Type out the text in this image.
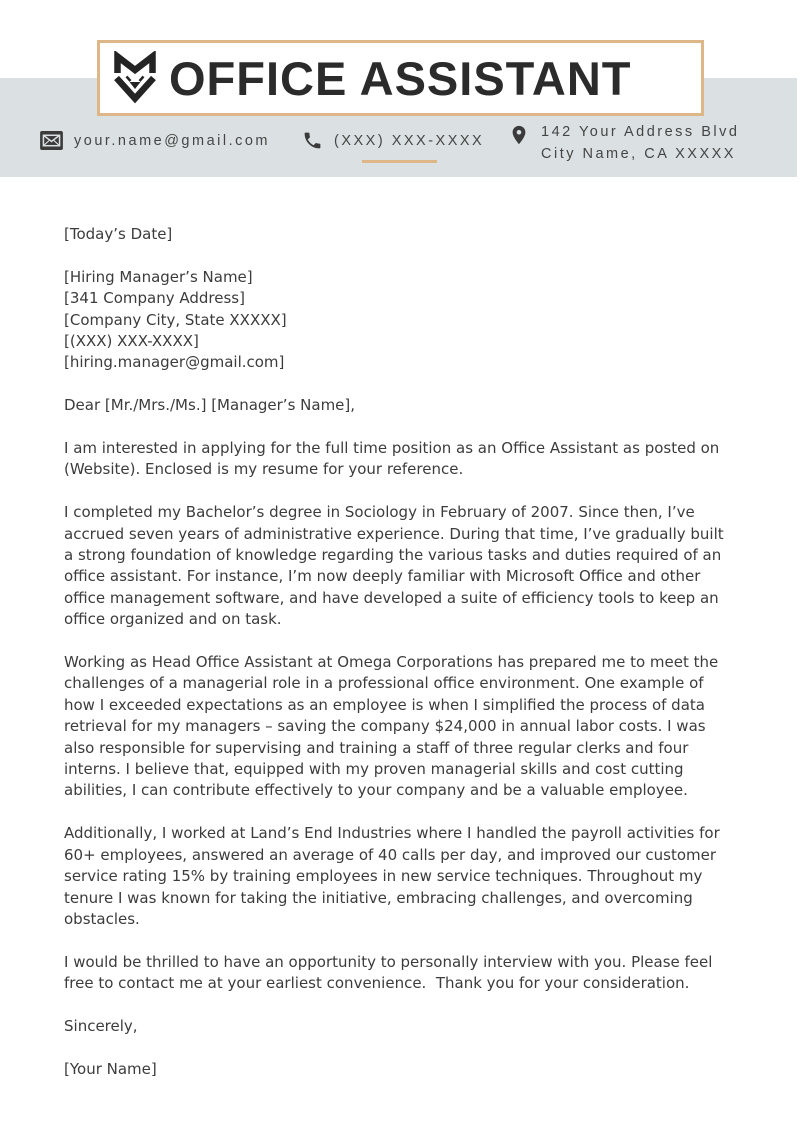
OFFICE ASSISTANT
your.name@gmail.com	(XXX) XXX-XXXX
142 Your Address Blvd
City Name, CA XXXXX

[Today’s Date]

[Hiring Manager’s Name]

[341 Company Address]

[Company City, State XXXXX]

[(XXX) XXX-XXXX]

[hiring.manager@gmail.com]

Dear [Mr./Mrs./Ms.] [Manager’s Name],

I am interested in applying for the full time position as an Office Assistant as posted on (Website). Enclosed is my resume for your reference.

I completed my Bachelor’s degree in Sociology in February of 2007. Since then, I’ve accrued seven years of administrative experience. During that time, I’ve gradually built a strong foundation of knowledge regarding the various tasks and duties required of an office assistant. For instance, I’m now deeply familiar with Microsoft Office and other office management software, and have developed a suite of efficiency tools to keep an office organized and on task.

Working as Head Office Assistant at Omega Corporations has prepared me to meet the challenges of a managerial role in a professional office environment. One example of how I exceeded expectations as an employee is when I simplified the process of data retrieval for my managers – saving the company $24,000 in annual labor costs. I was also responsible for supervising and training a staff of three regular clerks and four interns. I believe that, equipped with my proven managerial skills and cost cutting abilities, I can contribute effectively to your company and be a valuable employee.

Additionally, I worked at Land’s End Industries where I handled the payroll activities for 60+ employees, answered an average of 40 calls per day, and improved our customer service rating 15% by training employees in new service techniques. Throughout my tenure I was known for taking the initiative, embracing challenges, and overcoming obstacles.

I would be thrilled to have an opportunity to personally interview with you. Please feel free to contact me at your earliest convenience.  Thank you for your consideration.

Sincerely,

[Your Name]
